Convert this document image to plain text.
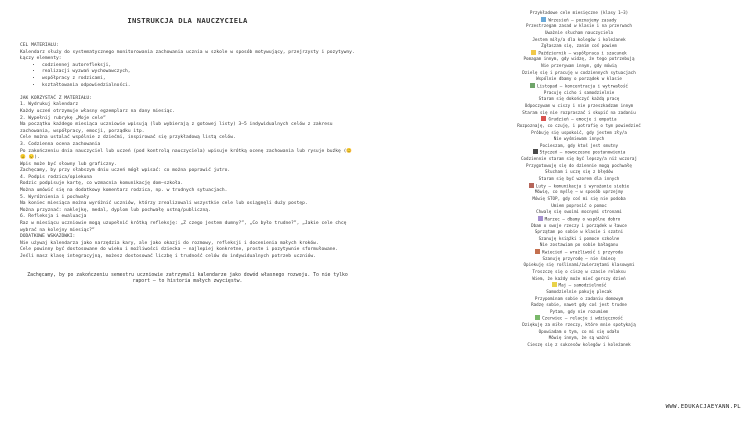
INSTRUKCJA DLA NAUCZYCIELA

CEL MATERIAŁU:

Kalendarz służy do systematycznego monitorowania zachowania ucznia w szkole w sposób motywujący, przejrzysty i pozytywny.

Łączy elementy:

• codziennej autorefleksji,
• realizacji wyzwań wychowawczych,
• współpracy z rodzicami,
• kształtowania odpowiedzialności.

JAK KORZYSTAĆ Z MATERIAŁU:

1. Wydrukuj kalendarz

Każdy uczeń otrzymuje własny egzemplarz na dany miesiąc.

2. Wypełnij rubrykę „Moje cele”

Na początku każdego miesiąca uczniowie wpisują (lub wybierają z gotowej listy) 3–5 indywidualnych celów z zakresu zachowania, współpracy, emocji, porządku itp.

Cele można ustalać wspólnie z dziećmi, inspirować się przykładową listą celów.

3. Codzienna ocena zachowania

Po zakończeniu dnia nauczyciel lub uczeń (pod kontrolą nauczyciela) wpisuje krótką ocenę zachowania lub rysuje buźkę (😊 😐 😟).

Wpis może być słowny lub graficzny.

Zachęcamy, by przy słabszym dniu uczeń mógł wpisać: co można poprawić jutro.

4. Podpis rodzica/opiekuna

Rodzic podpisuje kartę, co wzmacnia komunikację dom–szkoła.

Można umówić się na dodatkowy komentarz rodzica, np. w trudnych sytuacjach.

5. Wyróżnienia i pochwały

Na koniec miesiąca można wyróżnić uczniów, którzy zrealizowali wszystkie cele lub osiągnęli duży postęp.

Można przyznać: naklejkę, medal, dyplom lub pochwałę ustną/publiczną.

6. Refleksja i ewaluacja

Raz w miesiącu uczniowie mogą uzupełnić krótką refleksję: „Z czego jestem dumny?”, „Co było trudne?”, „Jakie cele chcę wybrać na kolejny miesiąc?”

DODATKOWE WSKAZÓWKI:

Nie używaj kalendarza jako narzędzia kary, ale jako okazji do rozmowy, refleksji i docenienia małych kroków.

Cele powinny być dostosowane do wieku i możliwości dziecka – najlepiej konkretne, proste i pozytywnie sformułowane.

Jeśli masz klasę integracyjną, możesz dostosować liczbę i trudność celów do indywidualnych potrzeb uczniów.

Zachęcamy, by po zakończeniu semestru uczniowie zatrzymali kalendarze jako dowód własnego rozwoju. To nie tylko raport – to historia małych zwycięstw.

Przykładowe cele miesięczne (klasy 1–3)
Wrzesień – poznajemy zasady
Przestrzegam zasad w klasie i na przerwach
Uważnie słucham nauczyciela
Jestem miły/a dla kolegów i koleżanek
Zgłaszam się, zanim coś powiem
Październik – współpraca i szacunek
Pomagam innym, gdy widzę, że tego potrzebują
Nie przerywam innym, gdy mówią
Dzielę się i pracuję w codziennych sytuacjach
Wspólnie dbamy o porządek w klasie
Listopad – koncentracja i wytrwałość
Pracuję cicho i samodzielnie
Staram się dokończyć każdą pracę
Odpoczywam w ciszy i nie przeszkadzam innym
Staram się nie rozpraszać i skupić na zadaniu
Grudzień – emocje i empatia
Rozpoznaję, co czuję, i potrafię o tym powiedzieć
Próbuję się uspokoić, gdy jestem zły/a
Nie wyśmiewam innych
Pocieszam, gdy ktoś jest smutny
Styczeń – nowoczesne postanowienia
Codziennie staram się być lepszy/a niż wczoraj
Przygotowuję się do dziennie mogą pochwałę
Słucham i uczę się z błędów
Staram się być wzorem dla innych
Luty – komunikacja i wyrażanie siebie
Mówię, co myślę – w sposób uprzejmy
Mówię STOP, gdy coś mi się nie podoba
Umiem poprosić o pomoc
Chwalę się swoimi mocnymi stronami
Marzec – dbamy o wspólne dobro
Dbam o swoje rzeczy i porządek w ławce
Sprzątam po sobie w klasie i szatni
Szanuję książki i pomoce szkolne
Nie zostawiam po sobie bałaganu
Kwiecień – wrażliwość i przyroda
Szanuję przyrodę – nie śmiecę
Opiekuję się roślinami/zwierzętami klasowymi
Troszczę się o ciszę w czasie relaksu
Wiem, że każdy może mieć gorszy dzień
Maj – samodzielność
Samodzielnie pakuję plecak
Przypominam sobie o zadaniu domowym
Radzę sobie, nawet gdy coś jest trudne
Pytam, gdy nie rozumiem
Czerwiec – relacje i wdzięczność
Dziękuję za miłe rzeczy, które mnie spotykają
Opowiadam o tym, co mi się udało
Mówię innym, że są ważni
Cieszę się z sukcesów kolegów i koleżanek
WWW.EDUKACJAEYANN.PL
